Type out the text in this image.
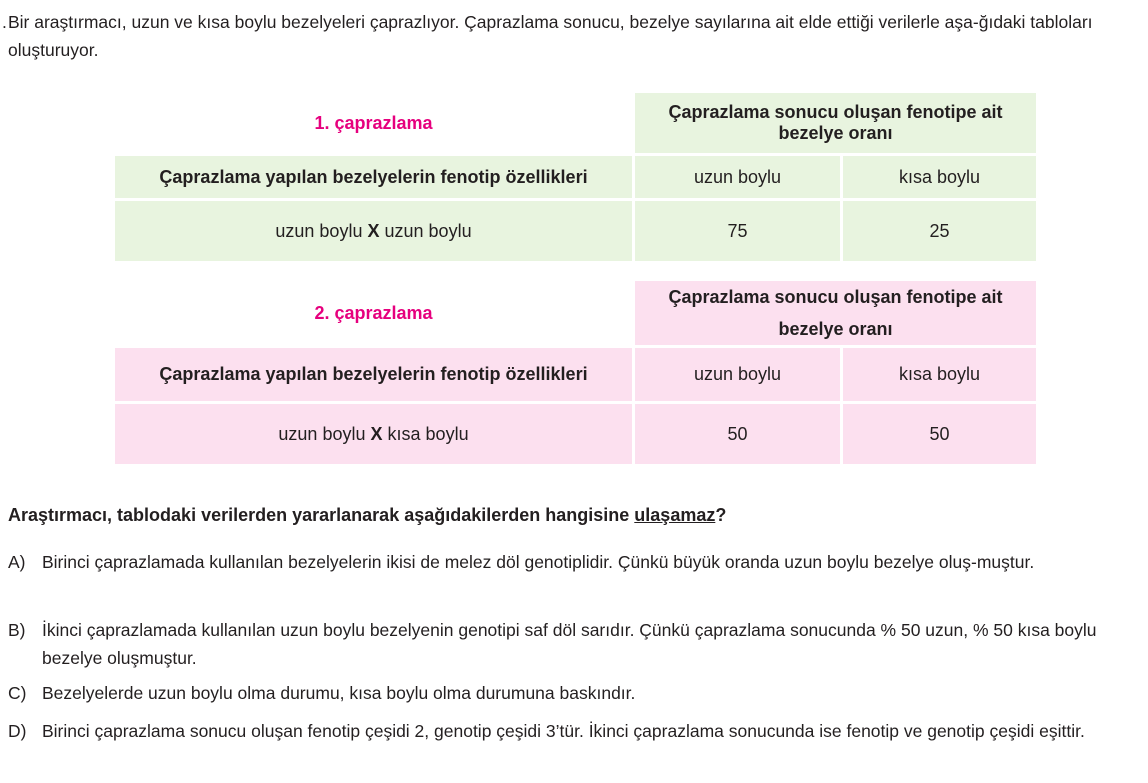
. Bir araştırmacı, uzun ve kısa boylu bezelyeleri çaprazlıyor. Çaprazlama sonucu, bezelye sayılarına ait elde ettiği verilerle aşa-ğıdaki tabloları oluşturuyor.

1. çaprazlama	Çaprazlama sonucu oluşan fenotipe ait bezelye oranı	
Çaprazlama yapılan bezelyelerin fenotip özellikleri	uzun boylu	kısa boylu
uzun boylu X uzun boylu	75	25
2. çaprazlama	Çaprazlama sonucu oluşan fenotipe ait bezelye oranı	
Çaprazlama yapılan bezelyelerin fenotip özellikleri	uzun boylu	kısa boylu
uzun boylu X kısa boylu	50	50

Araştırmacı, tablodaki verilerden yararlanarak aşağıdakilerden hangisine ulaşamaz?

A) Birinci çaprazlamada kullanılan bezelyelerin ikisi de melez döl genotiplidir. Çünkü büyük oranda uzun boylu bezelye oluş-muştur.
B) İkinci çaprazlamada kullanılan uzun boylu bezelyenin genotipi saf döl sarıdır. Çünkü çaprazlama sonucunda % 50 uzun, % 50 kısa boylu bezelye oluşmuştur.
C) Bezelyelerde uzun boylu olma durumu, kısa boylu olma durumuna baskındır.
D) Birinci çaprazlama sonucu oluşan fenotip çeşidi 2, genotip çeşidi 3’tür. İkinci çaprazlama sonucunda ise fenotip ve genotip çeşidi eşittir.
